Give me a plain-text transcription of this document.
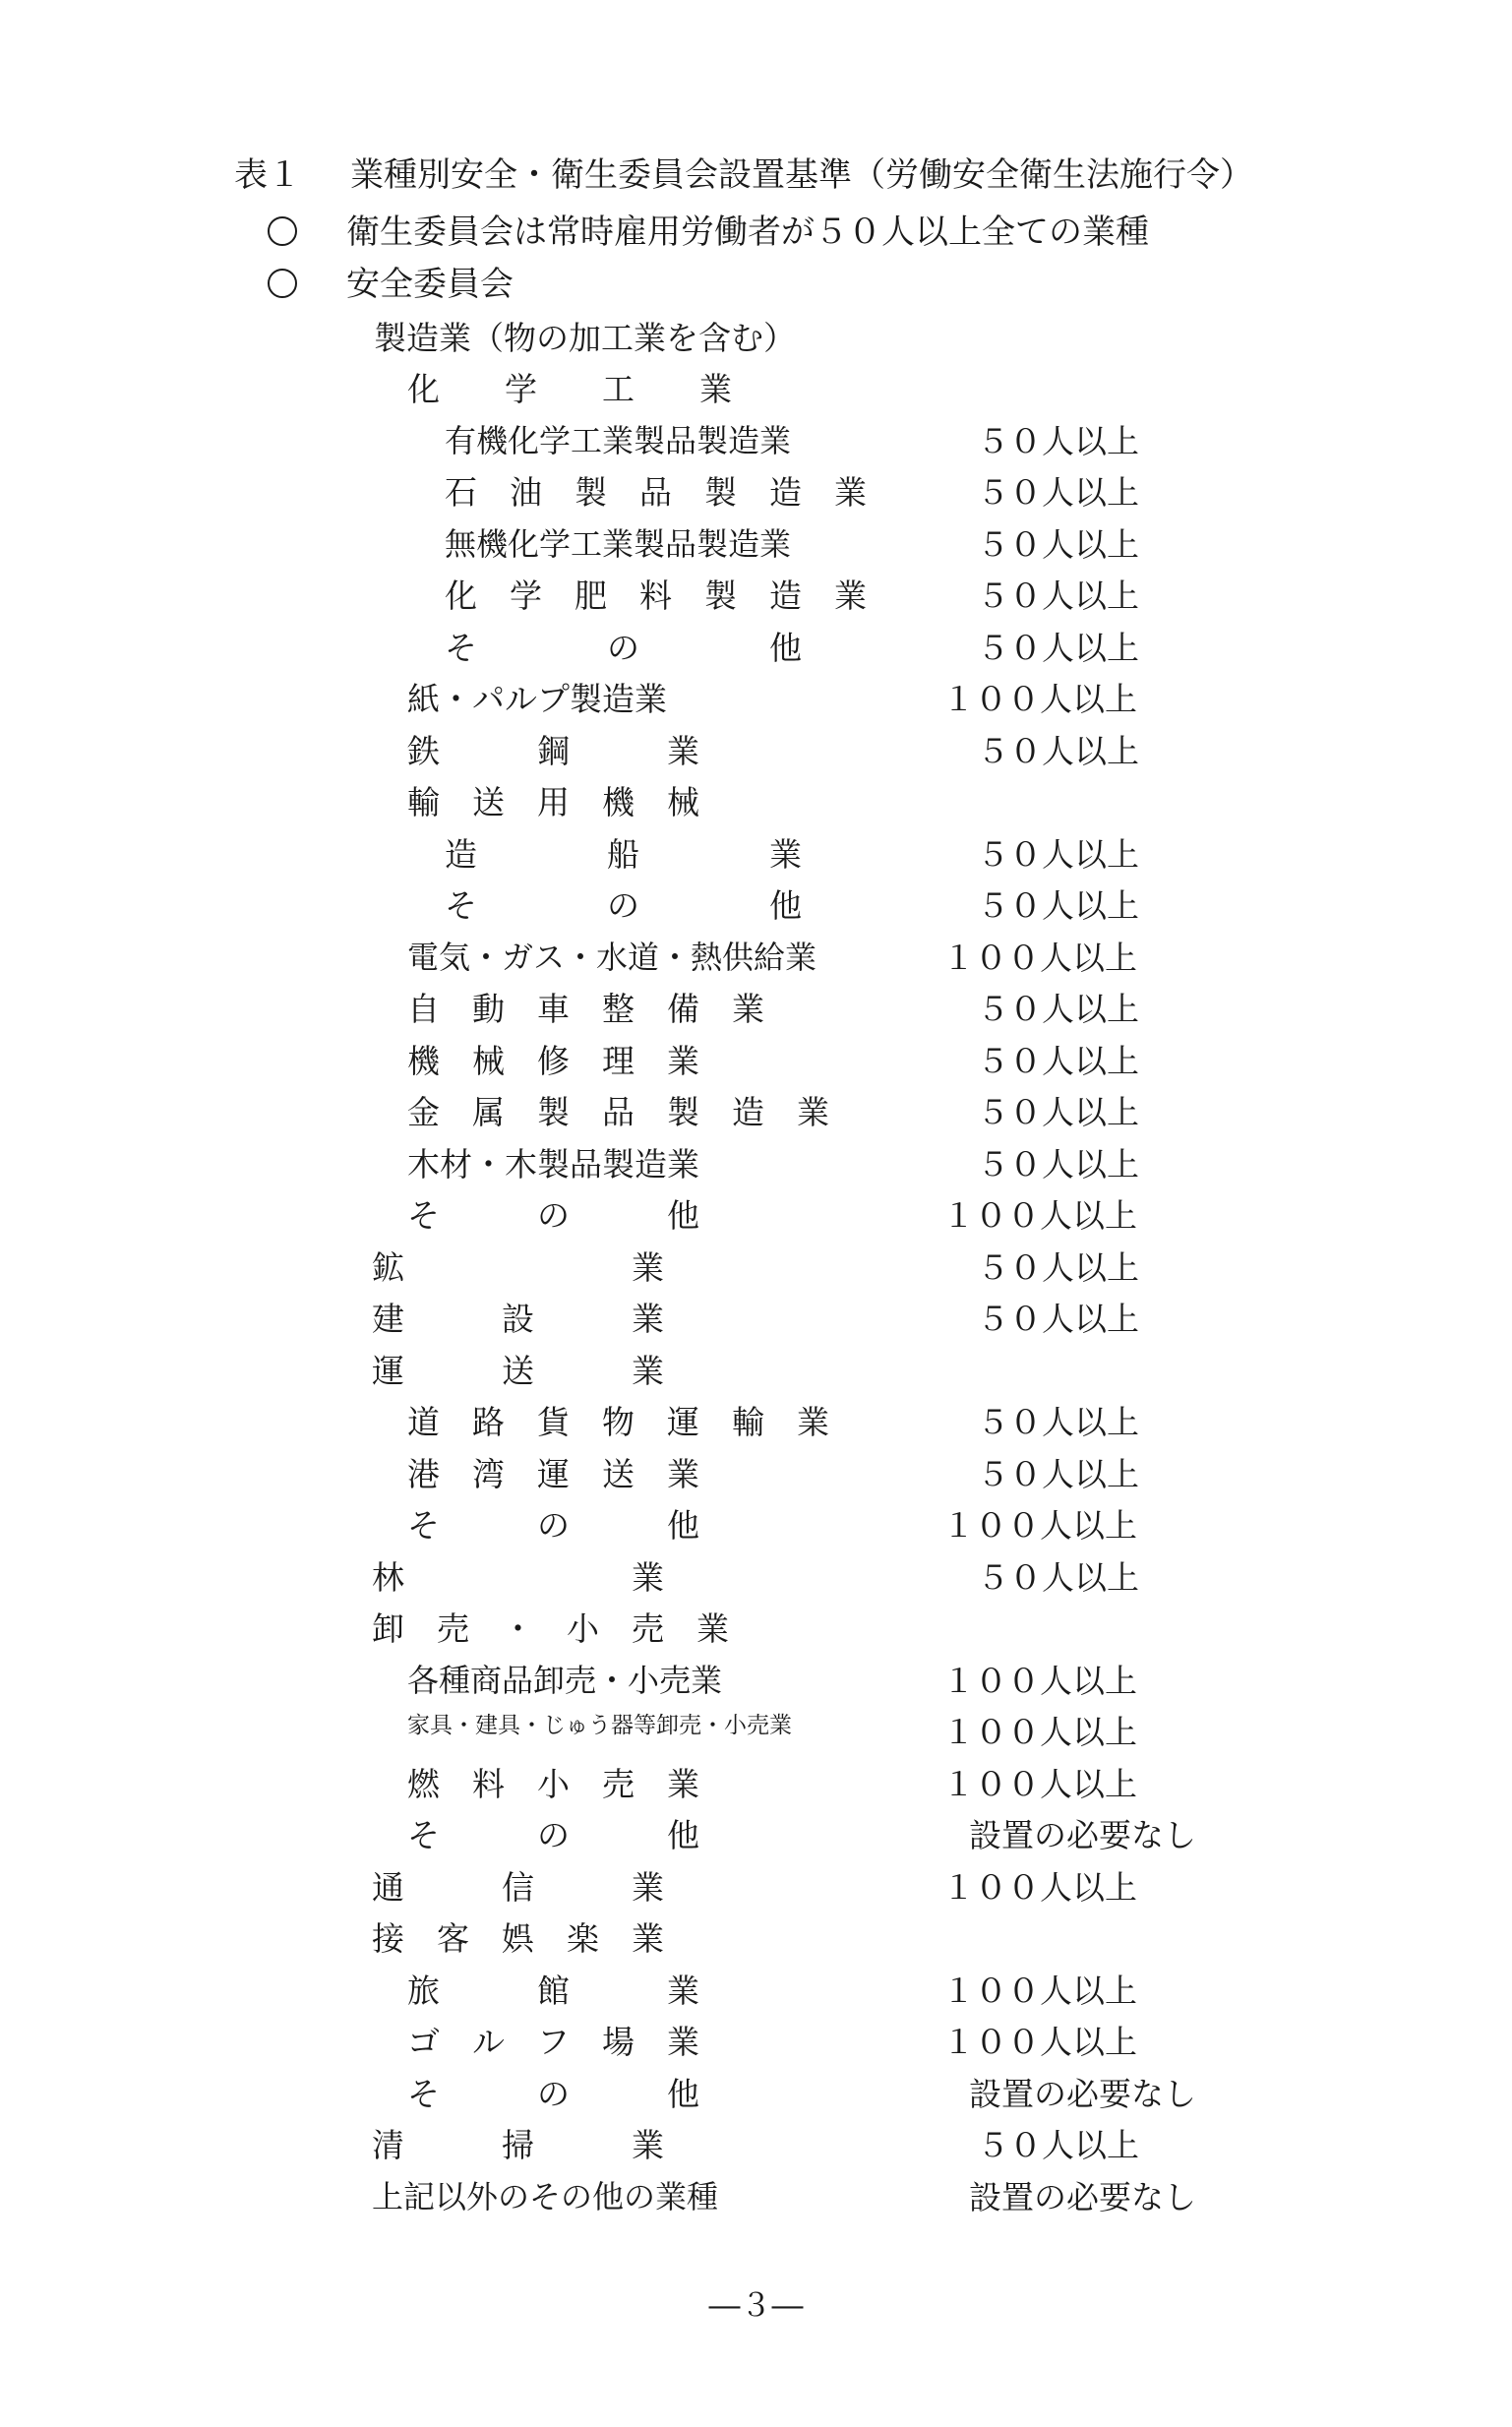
表１ 業種別安全・衛生委員会設置基準（労働安全衛生法施行令）
衛生委員会は常時雇用労働者が５０人以上全ての業種
安全委員会
製造業（物の加工業を含む）
化　　学　　工　　業
有機化学工業製品製造業	５０人以上
石　油　製　品　製　造　業	５０人以上
無機化学工業製品製造業	５０人以上
化　学　肥　料　製　造　業	５０人以上
そ　　　　の　　　　他	５０人以上
紙・パルプ製造業	１００人以上
鉄　　　鋼　　　業	５０人以上
輸　送　用　機　械
造　　　　船　　　　業	５０人以上
そ　　　　の　　　　他	５０人以上
電気・ガス・水道・熱供給業	１００人以上
自　動　車　整　備　業	５０人以上
機　械　修　理　業	５０人以上
金　属　製　品　製　造　業	５０人以上
木材・木製品製造業	５０人以上
そ　　　の　　　他	１００人以上
鉱　　　　　　　業	５０人以上
建　　　設　　　業	５０人以上
運　　　送　　　業
道　路　貨　物　運　輸　業	５０人以上
港　湾　運　送　業	５０人以上
そ　　　の　　　他	１００人以上
林　　　　　　　業	５０人以上
卸　売　・　小　売　業
各種商品卸売・小売業	１００人以上
家具・建具・じゅう器等卸売・小売業	１００人以上
燃　料　小　売　業	１００人以上
そ　　　の　　　他	設置の必要なし
通　　　信　　　業	１００人以上
接　客　娯　楽　業
旅　　　館　　　業	１００人以上
ゴ　ル　フ　場　業	１００人以上
そ　　　の　　　他	設置の必要なし
清　　　掃　　　業	５０人以上
上記以外のその他の業種	設置の必要なし
―３―
